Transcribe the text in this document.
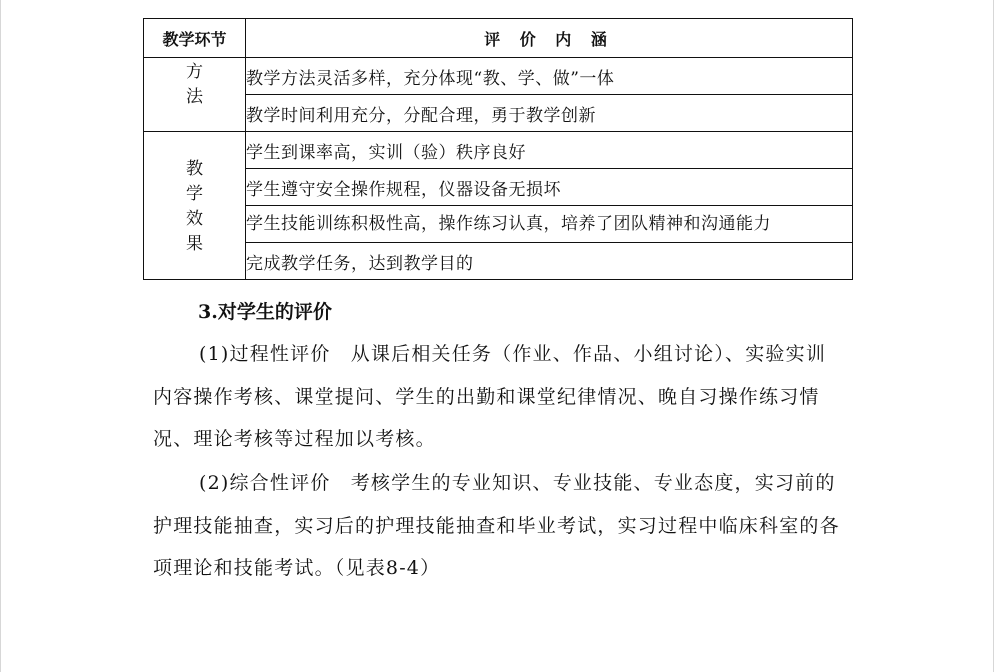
教学环节	评 价 内 涵
方法	教学方法灵活多样，充分体现“教、学、做”一体
	教学时间利用充分，分配合理，勇于教学创新
教学效果	学生到课率高，实训（验）秩序良好
	学生遵守安全操作规程，仪器设备无损坏

	学生技能训练积极性高，操作练习认真，培养了团队精神和沟通能力

	完成教学任务，达到教学目的
3.对学生的评价
(1)过程性评价　从课后相关任务（作业、作品、小组讨论）、实验实训内容操作考核、课堂提问、学生的出勤和课堂纪律情况、晚自习操作练习情况、理论考核等过程加以考核。
(2)综合性评价　考核学生的专业知识、专业技能、专业态度，实习前的护理技能抽查，实习后的护理技能抽查和毕业考试，实习过程中临床科室的各项理论和技能考试。（见表8-4）
